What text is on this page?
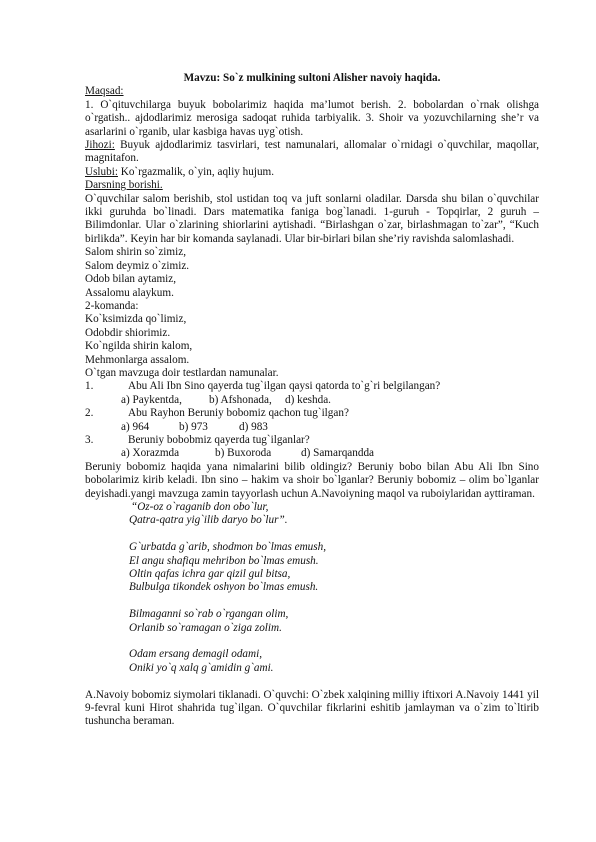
Mavzu: So`z mulkining sultoni Alisher navoiy haqida.

Maqsad:

1. O`qituvchilarga buyuk bobolarimiz haqida ma’lumot berish. 2. bobolardan o`rnak olishga o`rgatish.. ajdodlarimiz merosiga sadoqat ruhida tarbiyalik. 3. Shoir va yozuvchilarning she’r va asarlarini o`rganib, ular kasbiga havas uyg`otish.

Jihozi: Buyuk ajdodlarimiz tasvirlari, test namunalari, allomalar o`rnidagi o`quvchilar, maqollar, magnitafon.

Uslubi: Ko`rgazmalik, o`yin, aqliy hujum.

Darsning borishi.

O`quvchilar salom berishib, stol ustidan toq va juft sonlarni oladilar. Darsda shu bilan o`quvchilar ikki guruhda bo`linadi. Dars matematika faniga bog`lanadi. 1-guruh - Topqirlar, 2 guruh – Bilimdonlar. Ular o`zlarining shiorlarini aytishadi. “Birlashgan o`zar, birlashmagan to`zar”, “Kuch birlikda”. Keyin har bir komanda saylanadi. Ular bir-birlari bilan she’riy ravishda salomlashadi.

Salom shirin so`zimiz,

Salom deymiz o`zimiz.

Odob bilan aytamiz,

Assalomu alaykum.

2-komanda:

Ko`ksimizda qo`limiz,

Odobdir shiorimiz.

Ko`ngilda shirin kalom,

Mehmonlarga assalom.

O`tgan mavzuga doir testlardan namunalar.

1.	Abu Ali Ibn Sino qayerda tug`ilgan qaysi qatorda to`g`ri belgilangan?
a) Paykentda, b) Afshonada, d) keshda.
2.	Abu Rayhon Beruniy bobomiz qachon tug`ilgan?
a) 964	b) 973	d) 983
3.	Beruniy bobobmiz qayerda tug`ilganlar?
a) Xorazmda	b) Buxoroda	d) Samarqandda

Beruniy bobomiz haqida yana nimalarini bilib oldingiz? Beruniy bobo bilan Abu Ali Ibn Sino bobolarimiz kirib keladi. Ibn sino – hakim va shoir bo`lganlar? Beruniy bobomiz – olim bo`lganlar deyishadi.yangi mavzuga zamin tayyorlash uchun A.Navoiyning maqol va ruboiylaridan ayttiraman.

“Oz-oz o`raganib don obo`lur,

Qatra-qatra yig`ilib daryo bo`lur”.

G`urbatda g`arib, shodmon bo`lmas emush,

El angu shafiqu mehribon bo`lmas emush.

Oltin qafas ichra gar qizil gul bitsa,

Bulbulga tikondek oshyon bo`lmas emush.

Bilmaganni so`rab o`rgangan olim,

Orlanib so`ramagan o`ziga zolim.

Odam ersang demagil odami,

Oniki yo`q xalq g`amidin g`ami.

A.Navoiy bobomiz siymolari tiklanadi. O`quvchi: O`zbek xalqining milliy iftixori A.Navoiy 1441 yil 9-fevral kuni Hirot shahrida tug`ilgan. O`quvchilar fikrlarini eshitib jamlayman va o`zim to`ltirib tushuncha beraman.
